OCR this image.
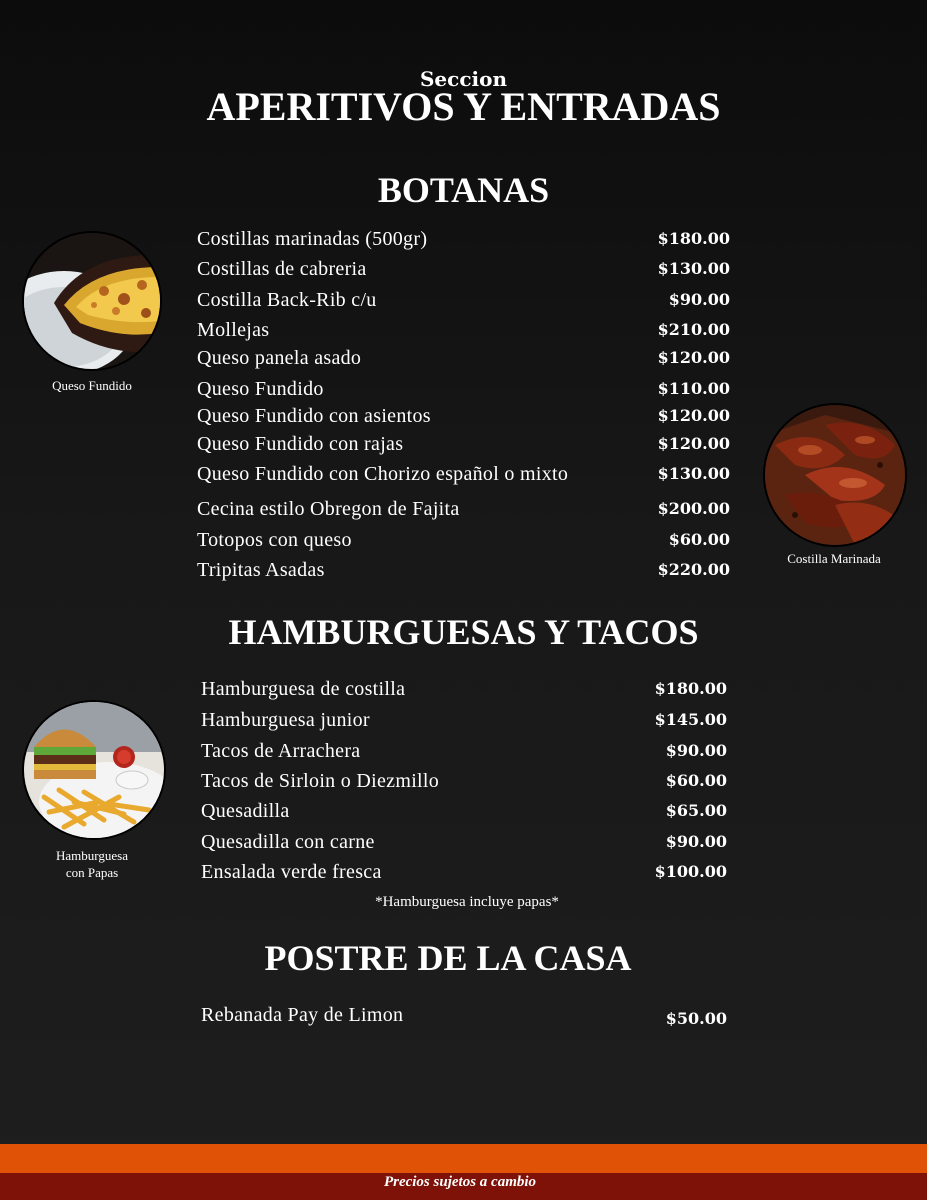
Seccion
APERITIVOS Y ENTRADAS
BOTANAS
Costillas marinadas (500gr)	$180.00
Costillas de cabreria	$130.00
Costilla Back-Rib c/u	$90.00
Mollejas	$210.00
Queso panela asado	$120.00
Queso Fundido	$110.00
Queso Fundido con asientos	$120.00
Queso Fundido con rajas	$120.00
Queso Fundido con Chorizo español o mixto	$130.00
Cecina estilo Obregon de Fajita	$200.00
Totopos con queso	$60.00
Tripitas Asadas	$220.00
HAMBURGUESAS Y TACOS
Hamburguesa de costilla	$180.00
Hamburguesa junior	$145.00
Tacos de Arrachera	$90.00
Tacos de Sirloin o Diezmillo	$60.00
Quesadilla	$65.00
Quesadilla con carne	$90.00
Ensalada verde fresca	$100.00
*Hamburguesa incluye papas*
POSTRE DE LA CASA
Rebanada Pay de Limon	$50.00
Queso Fundido
Costilla Marinada
Hamburguesa
con Papas
Precios sujetos a cambio
